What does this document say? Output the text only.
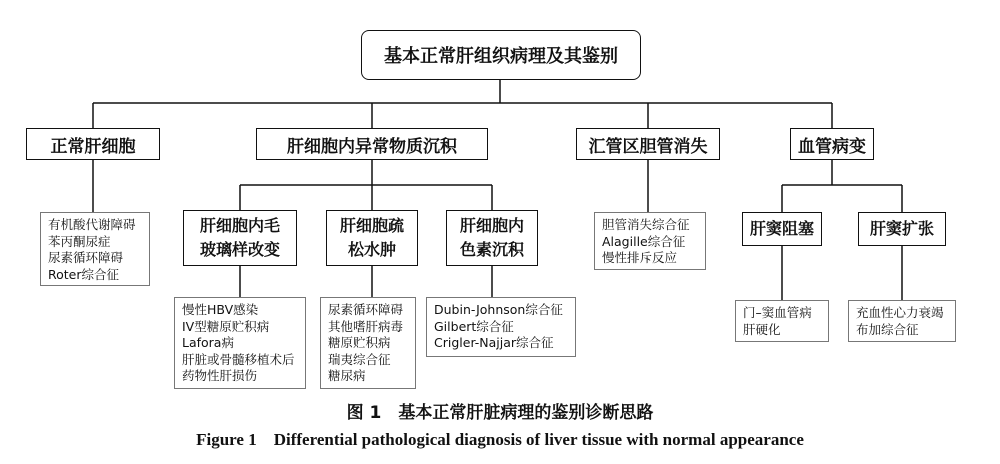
基本正常肝组织病理及其鉴别
正常肝细胞	肝细胞内异常物质沉积	汇管区胆管消失	血管病变
肝细胞内毛
玻璃样改变
肝细胞疏
松水肿
肝细胞内
色素沉积
肝窦阻塞	肝窦扩张
有机酸代谢障碍
苯丙酮尿症
尿素循环障碍
Roter综合征
慢性HBV感染
IV型糖原贮积病
Lafora病
肝脏或骨髓移植术后
药物性肝损伤
尿素循环障碍
其他嗜肝病毒
糖原贮积病
瑞夷综合征
糖尿病
Dubin-Johnson综合征
Gilbert综合征
Crigler-Najjar综合征
胆管消失综合征
Alagille综合征
慢性排斥反应
门–窦血管病
肝硬化
充血性心力衰竭
布加综合征
图 1　基本正常肝脏病理的鉴别诊断思路
Figure 1　Differential pathological diagnosis of liver tissue with normal appearance
